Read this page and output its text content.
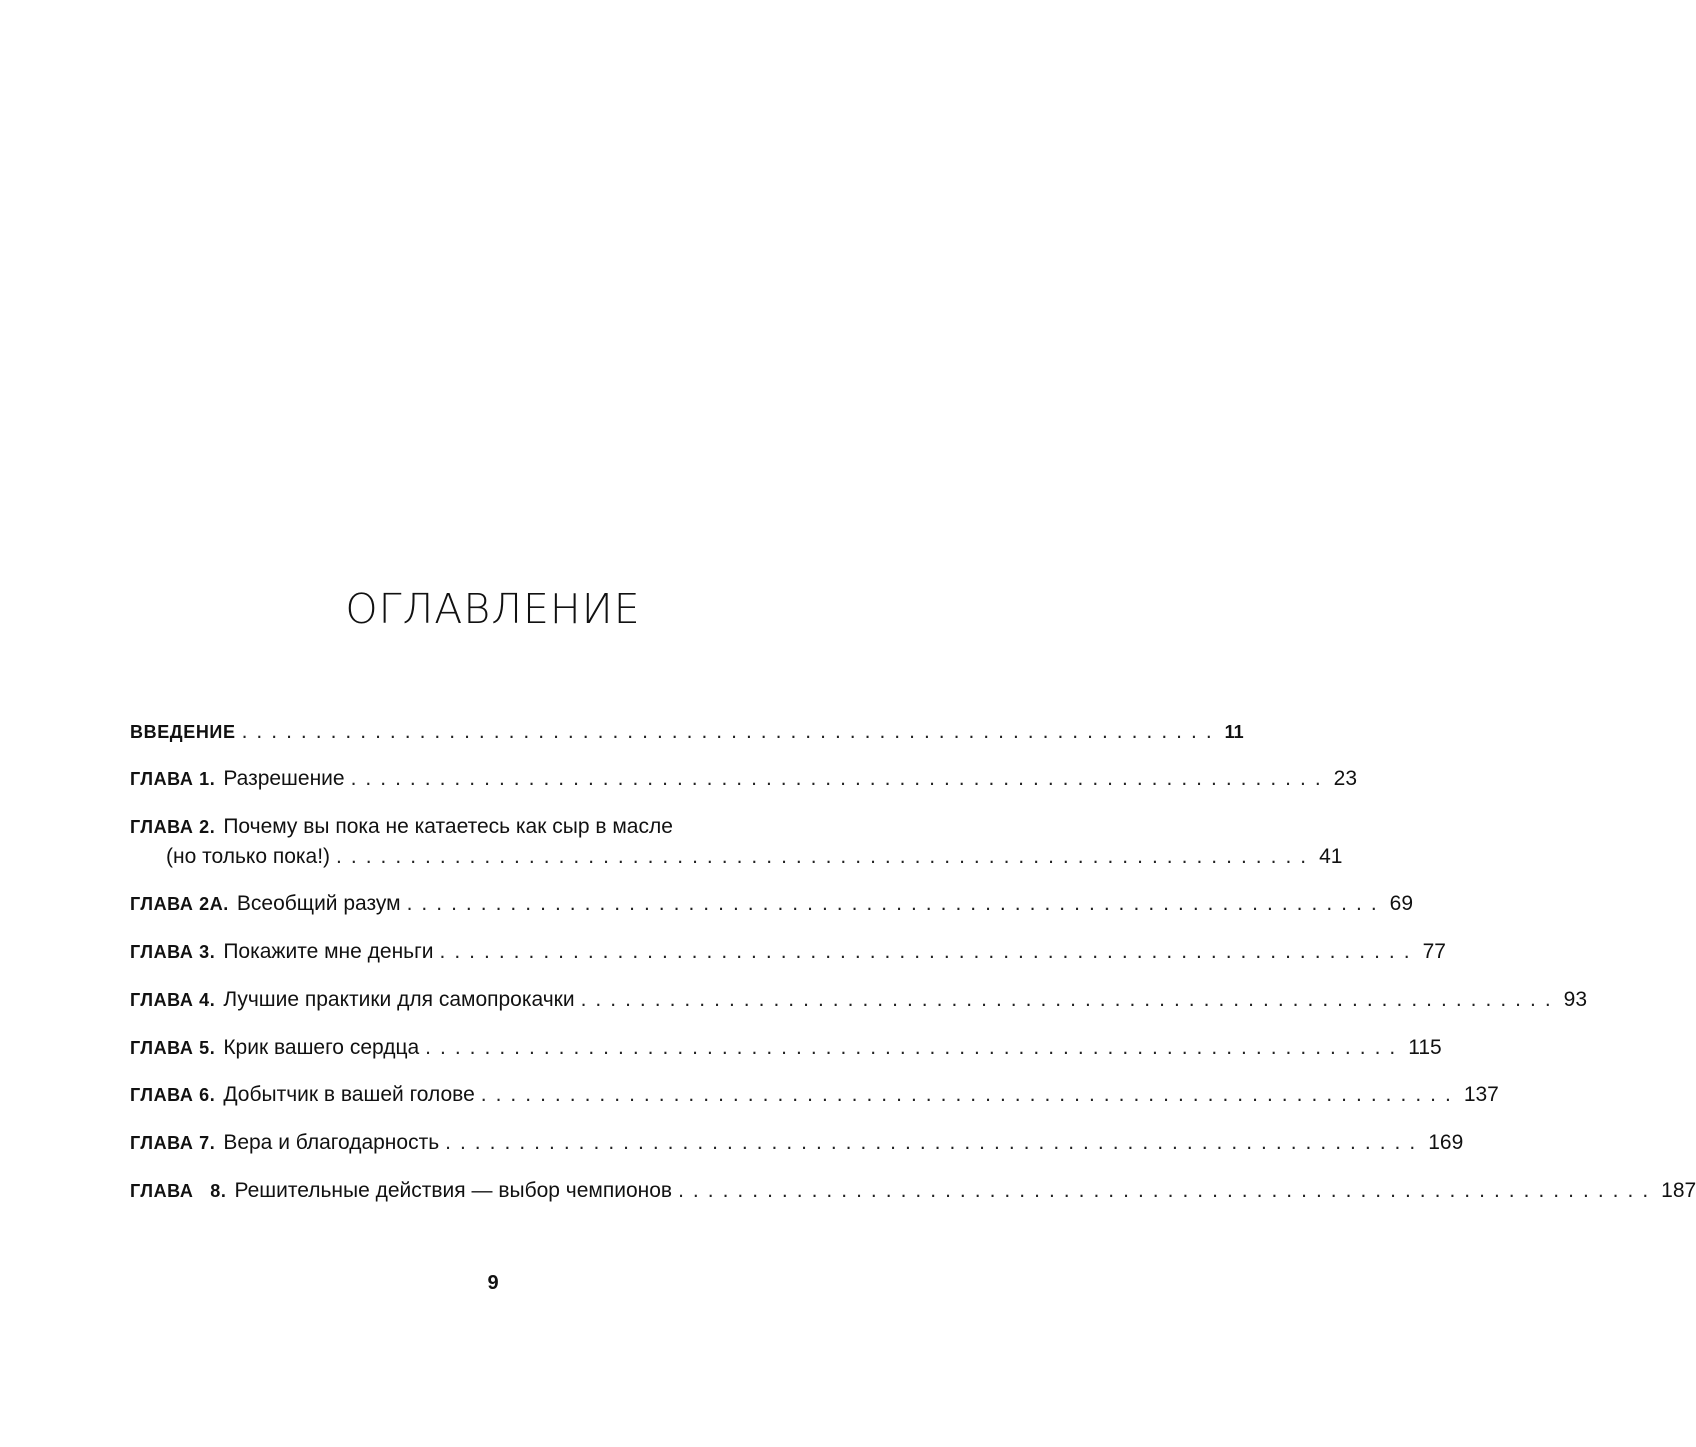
ОГЛАВЛЕНИЕ
ВВЕДЕНИЕ .................................................................. 11
ГЛАВА 1. Разрешение .................................................................. 23
ГЛАВА 2. Почему вы пока не катаетесь как сыр в масле
(но только пока!) .................................................................. 41
ГЛАВА 2А. Всеобщий разум .................................................................. 69
ГЛАВА 3. Покажите мне деньги .................................................................. 77
ГЛАВА 4. Лучшие практики для самопрокачки .................................................................. 93
ГЛАВА 5. Крик вашего сердца .................................................................. 115
ГЛАВА 6. Добытчик в вашей голове .................................................................. 137
ГЛАВА 7. Вера и благодарность .................................................................. 169
ГЛАВА   8. Решительные действия — выбор чемпионов .................................................................. 187
9
